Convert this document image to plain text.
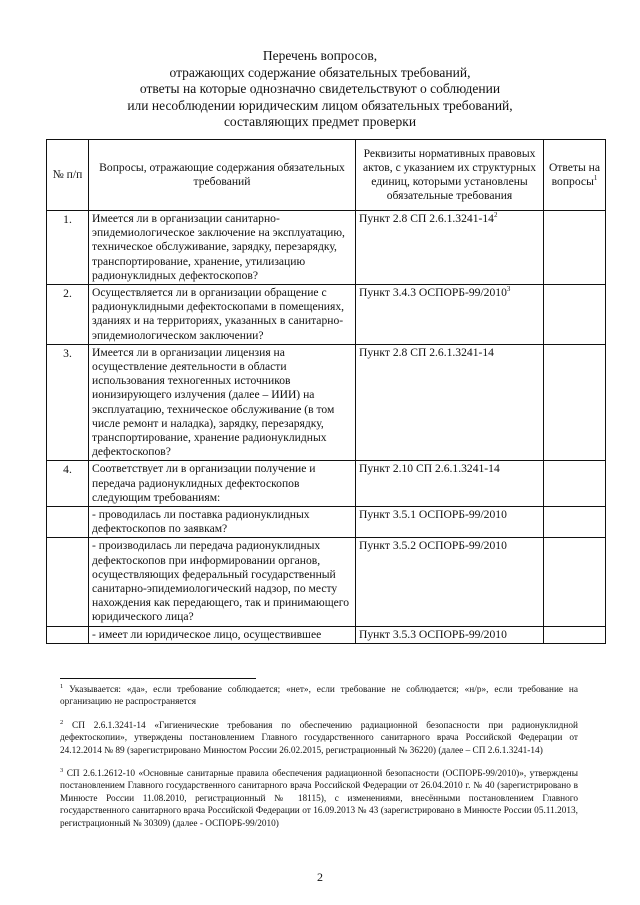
Перечень вопросов,
отражающих содержание обязательных требований,
ответы на которые однозначно свидетельствуют о соблюдении
или несоблюдении юридическим лицом обязательных требований,
составляющих предмет проверки
№ п/п	Вопросы, отражающие содержания обязательных требований	Реквизиты нормативных правовых актов, с указанием их структурных единиц, которыми установлены обязательные требования	Ответы на вопросы$^1$
1.	Имеется ли в организации санитарно-эпидемиологическое заключение на эксплуатацию, техническое обслуживание, зарядку, перезарядку, транспортирование, хранение, утилизацию радионуклидных дефектоскопов?	Пункт 2.8 СП $2.6.1.3241-14^2$	
2.	Осуществляется ли в организации обращение с радионуклидными дефектоскопами в помещениях, зданиях и на территориях, указанных в санитарно-эпидемиологическом заключении?	Пункт 3.4.3 ОСПОРБ-99/2010$^3$	
3.	Имеется ли в организации лицензия на осуществление деятельности в области использования техногенных источников ионизирующего излучения (далее – ИИИ) на эксплуатацию, техническое обслуживание (в том числе ремонт и наладка), зарядку, перезарядку, транспортирование, хранение радионуклидных дефектоскопов?	Пункт 2.8 СП 2.6.1.3241-14	
4.	Соответствует ли в организации получение и передача радионуклидных дефектоскопов следующим требованиям:	Пункт 2.10 СП 2.6.1.3241-14	
	- проводилась ли поставка радионуклидных дефектоскопов по заявкам?	Пункт 3.5.1 ОСПОРБ-99/2010	
	- производилась ли передача радионуклидных дефектоскопов при информировании органов, осуществляющих федеральный государственный санитарно-эпидемиологический надзор, по месту нахождения как передающего, так и принимающего юридического лица?	Пункт 3.5.2 ОСПОРБ-99/2010	
	- имеет ли юридическое лицо, осуществившее	Пункт 3.5.3 ОСПОРБ-99/2010	
$^1$ Указывается: «да», если требование соблюдается; «нет», если требование не соблюдается; «н/р», если требование на организацию не распространяется
$^2$ СП 2.6.1.3241-14 «Гигиенические требования по обеспечению радиационной безопасности при радионуклидной дефектоскопии», утверждены постановлением Главного государственного санитарного врача Российской Федерации от 24.12.2014 № 89 (зарегистрировано Минюстом России 26.02.2015, регистрационный № 36220) (далее – СП 2.6.1.3241-14)
$^3$ СП 2.6.1.2612-10 «Основные санитарные правила обеспечения радиационной безопасности (ОСПОРБ-99/2010)», утверждены постановлением Главного государственного санитарного врача Российской Федерации от 26.04.2010 г. № 40 (зарегистрировано в Минюсте России 11.08.2010, регистрационный № 18115), с изменениями, внесёнными постановлением Главного государственного санитарного врача Российской Федерации от 16.09.2013 № 43 (зарегистрировано в Минюсте России 05.11.2013, регистрационный № 30309) (далее - ОСПОРБ-99/2010)
2
